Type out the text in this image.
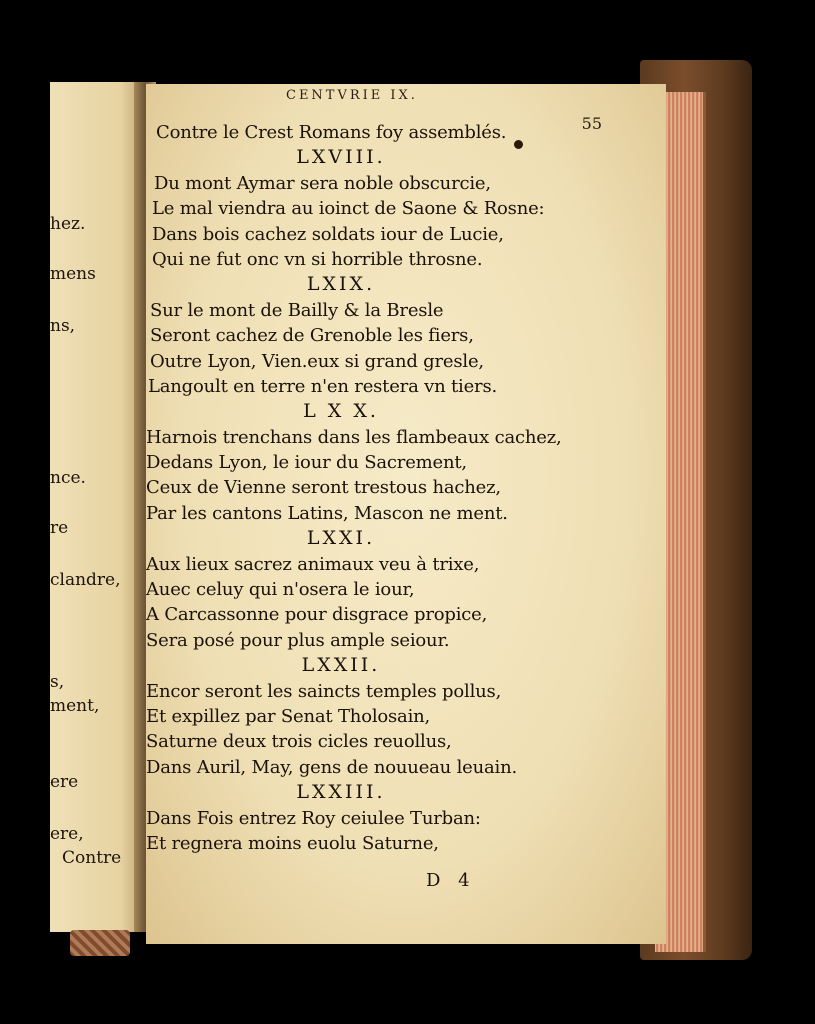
hez.
mens
ns,
nce.
re
clandre,
s,
ment,
ere
ere,
Contre
CENTVRIE IX.
55
Contre le Crest Romans foy assemblés.
LXVIII.
Du mont Aymar sera noble obscurcie,
Le mal viendra au ioinct de Saone & Rosne:
Dans bois cachez soldats iour de Lucie,
Qui ne fut onc vn si horrible throsne.
LXIX.
Sur le mont de Bailly & la Bresle
Seront cachez de Grenoble les fiers,
Outre Lyon, Vien.eux si grand gresle,
Langoult en terre n'en restera vn tiers.
L X X.
Harnois trenchans dans les flambeaux cachez,
Dedans Lyon, le iour du Sacrement,
Ceux de Vienne seront trestous hachez,
Par les cantons Latins, Mascon ne ment.
LXXI.
Aux lieux sacrez animaux veu à trixe,
Auec celuy qui n'osera le iour,
A Carcassonne pour disgrace propice,
Sera posé pour plus ample seiour.
LXXII.
Encor seront les saincts temples pollus,
Et expillez par Senat Tholosain,
Saturne deux trois cicles reuollus,
Dans Auril, May, gens de nouueau leuain.
LXXIII.
Dans Fois entrez Roy ceiulee Turban:
Et regnera moins euolu Saturne,
D 4
